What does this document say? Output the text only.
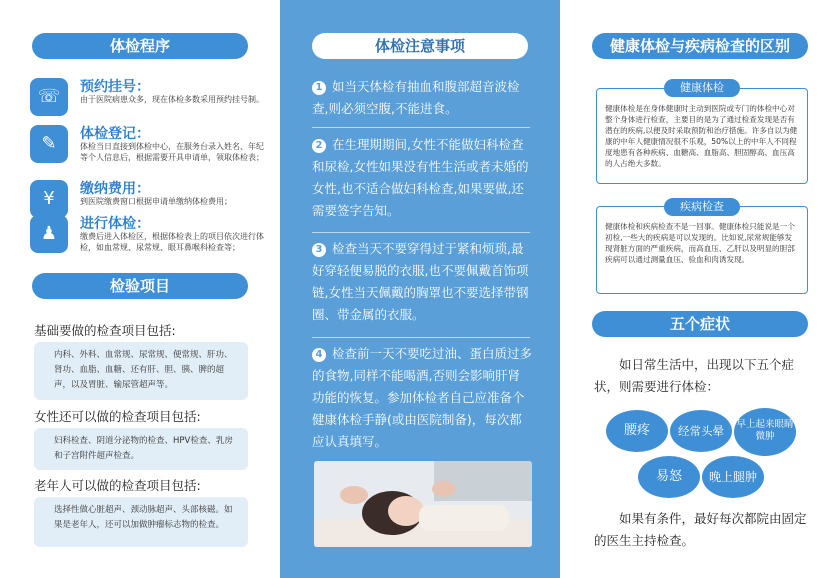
体检程序
☏	预约挂号：
由于医院病患众多，现在体检多数采用预约挂号制。
✎	体检登记：
体检当日直接到体检中心，在服务台录入姓名、年纪等个人信息后，根据需要开具申请单，领取体检表；
¥	缴纳费用：
到医院缴费窗口根据申请单缴纳体检费用；
♟	进行体检：
缴费后进入体检区，根据体检表上的项目依次进行体检，如血常规、尿常规、眼耳鼻喉科检查等；
检验项目
基础要做的检查项目包括:
内科、外科、血常规、尿常规、便常规、肝功、肾功、血脂、血糖、还有肝、胆、胰、脾的超声，以及胃脏、输尿管超声等。
女性还可以做的检查项目包括:
妇科检查、阴道分泌物的检查、HPV检查、乳房和子宫附件超声检查。
老年人可以做的检查项目包括:
选择性做心脏超声、颈动脉超声、头部核磁。如果是老年人，还可以加做肿瘤标志物的检查。
体检注意事项
1 如当天体检有抽血和腹部超音波检查,则必须空腹,不能进食。
2 在生理期期间,女性不能做妇科检查和尿检,女性如果没有性生活或者未婚的女性,也不适合做妇科检查,如果要做,还需要签字告知。
3 检查当天不要穿得过于紧和烦琐,最好穿轻便易脱的衣服,也不要佩戴首饰项链,女性当天佩戴的胸罩也不要选择带钢圈、带金属的衣服。
4 检查前一天不要吃过油、蛋白质过多的食物,同样不能喝酒,否则会影响肝肾功能的恢复。参加体检者自己应准备个健康体检手静(或由医院制备)，每次都应认真填写。
健康体检与疾病检查的区别
健康体检是在身体健康时主动到医院或专门的体检中心对整个身体进行检查，主要目的是为了通过检查发现是否有潜在的疾病,以便及时采取预防和治疗措施。许多自以为健康的中年人健康情况很不乐观，50%以上的中年人不同程度地患有各种疾病、血糖高、血脂高、胆固醇高、血压高的人占绝大多数。
健康体检
健康体检和疾病检查不是一回事。健康体检只能说是一个初检,一些大的疾病是可以发现的。比如说,尿常规能够发现肾脏方面的严重疾病，而高血压、乙肝以及明显的胆部疾病可以通过测量血压、验血和肉诱发现。
疾病检查
五个症状
如日常生活中，出现以下五个症状，则需要进行体检：
腰疼	经常头晕	早上起来眼睛微肿
易怒	晚上腿肿
如果有条件，最好每次都院由固定的医生主持检查。
